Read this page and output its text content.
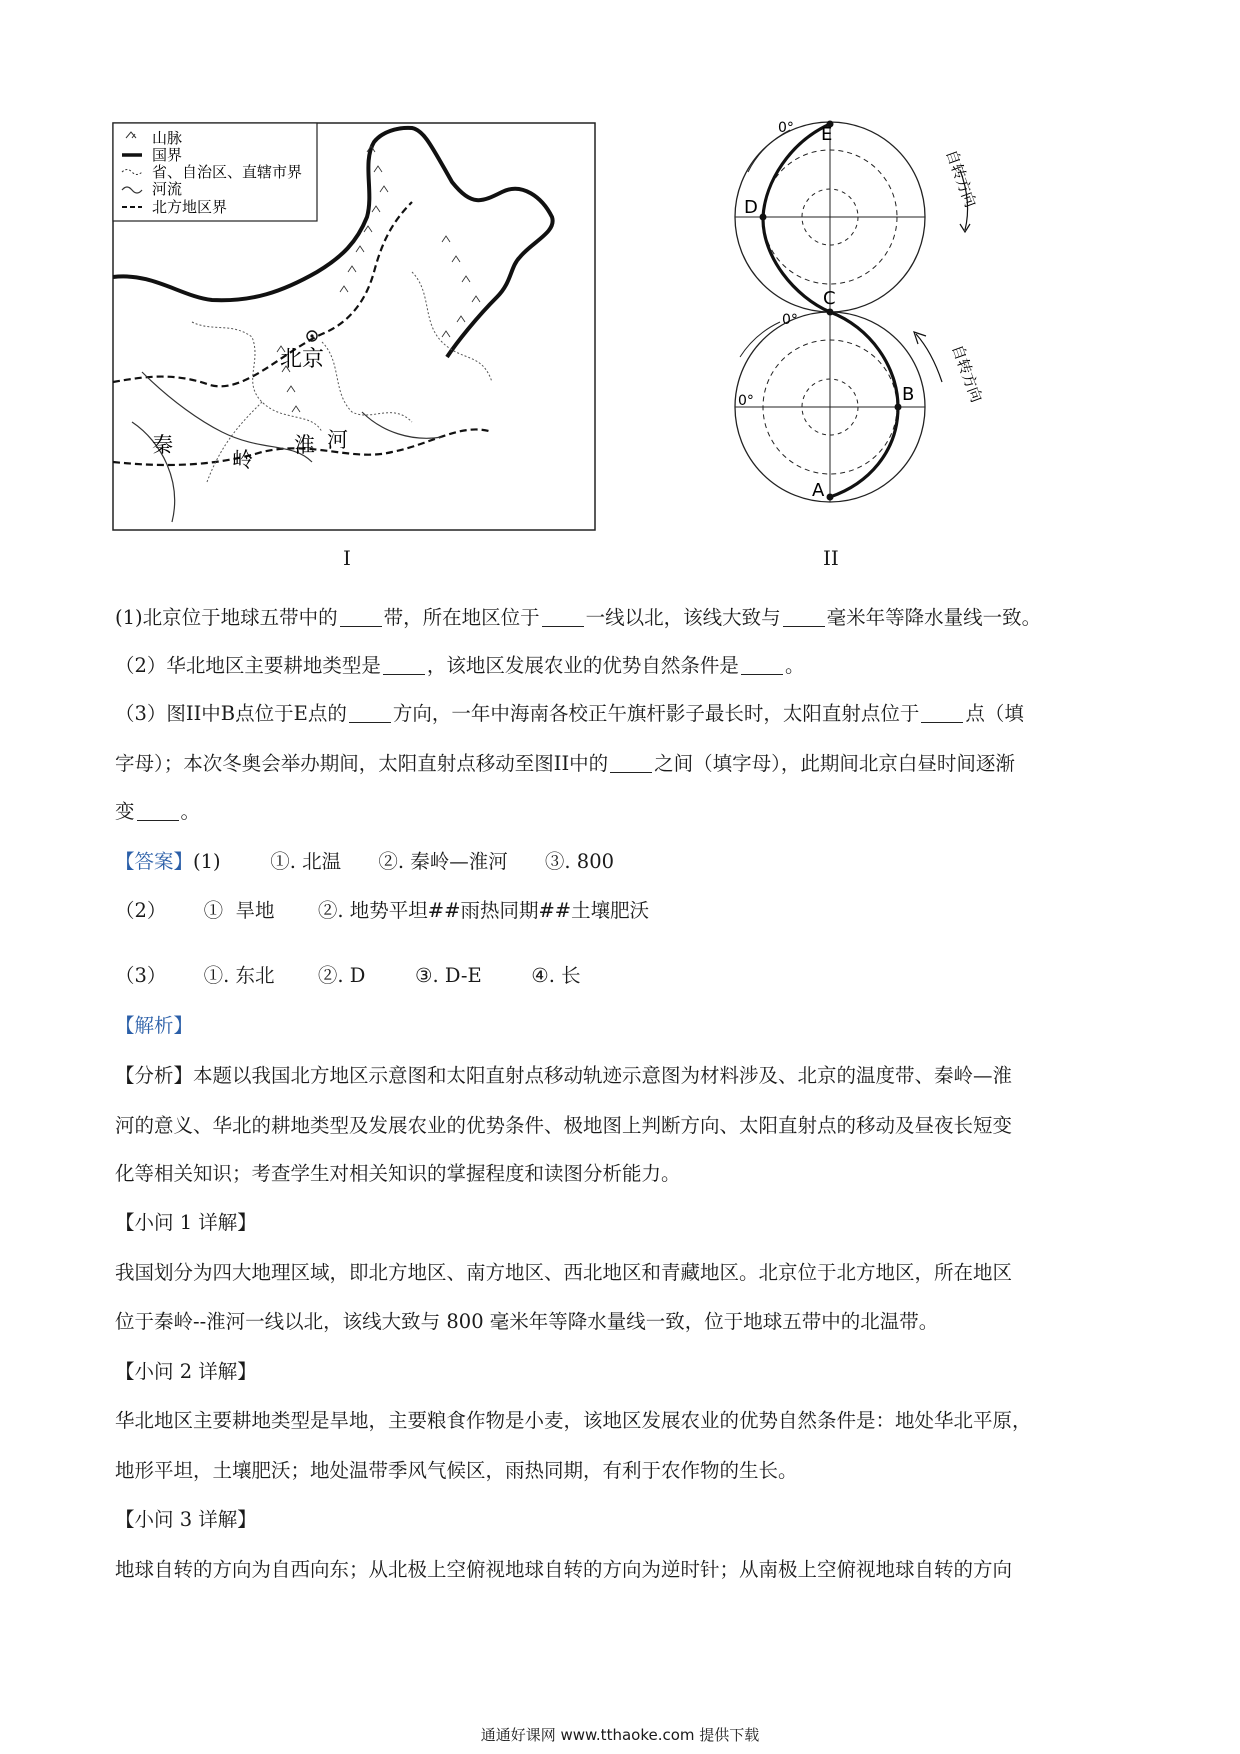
山脉
国界
省、自治区、直辖市界
河流
北方地区界
北京
秦
岭
淮 河
I
E
D
C
B
A
0°
0°
0°
自转方向
自转方向
II
(1)北京位于地球五带中的 带，所在地区位于 一线以北，该线大致与 毫米年等降水量线一致。
（2）华北地区主要耕地类型是 ，该地区发展农业的优势自然条件是 。
（3）图II中B点位于E点的 方向，一年中海南各校正午旗杆影子最长时，太阳直射点位于 点（填
字母）；本次冬奥会举办期间，太阳直射点移动至图II中的 之间（填字母），此期间北京白昼时间逐渐
变 。
【答案】(1)        ①. 北温      ②. 秦岭—淮河      ③. 800
（2）      ①  旱地       ②. 地势平坦##雨热同期##土壤肥沃
（3）      ①. 东北       ②. D        ③. D-E        ④. 长
【解析】
【分析】本题以我国北方地区示意图和太阳直射点移动轨迹示意图为材料涉及、北京的温度带、秦岭—淮
河的意义、华北的耕地类型及发展农业的优势条件、极地图上判断方向、太阳直射点的移动及昼夜长短变
化等相关知识；考查学生对相关知识的掌握程度和读图分析能力。
【小问 1 详解】
我国划分为四大地理区域，即北方地区、南方地区、西北地区和青藏地区。北京位于北方地区，所在地区
位于秦岭--淮河一线以北，该线大致与 800 毫米年等降水量线一致，位于地球五带中的北温带。
【小问 2 详解】
华北地区主要耕地类型是旱地，主要粮食作物是小麦，该地区发展农业的优势自然条件是：地处华北平原，
地形平坦，土壤肥沃；地处温带季风气候区，雨热同期，有利于农作物的生长。
【小问 3 详解】
地球自转的方向为自西向东；从北极上空俯视地球自转的方向为逆时针；从南极上空俯视地球自转的方向
通通好课网 www.tthaoke.com 提供下载
